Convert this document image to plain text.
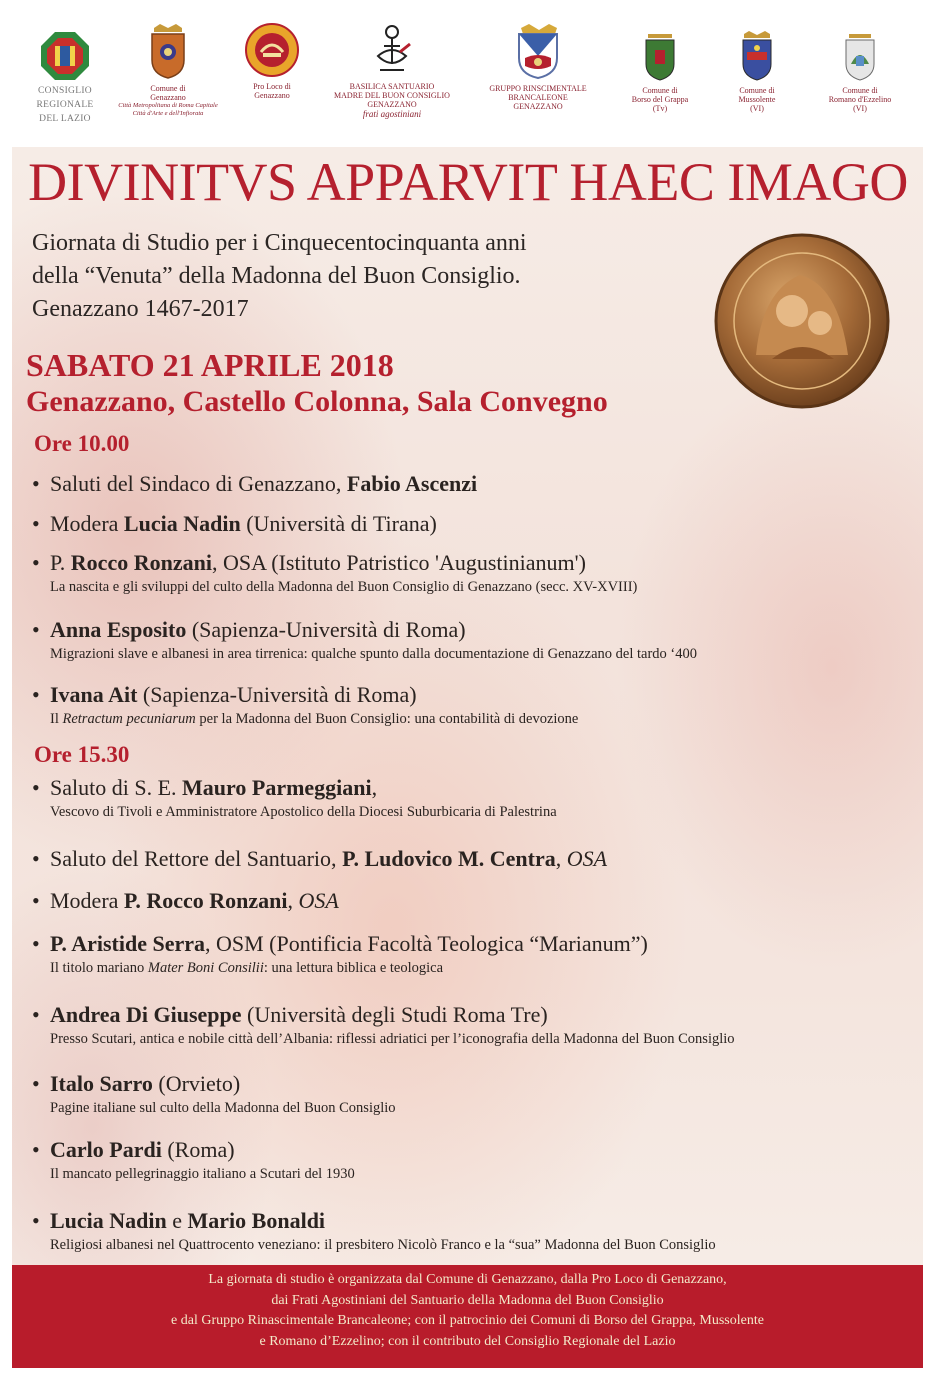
CONSIGLIO
REGIONALE
DEL LAZIO
Comune di
Genazzano
Città Metropolitana di Roma Capitale
Città d'Arte e dell'Infiorata
Pro Loco di
Genazzano
BASILICA SANTUARIO
MADRE DEL BUON CONSIGLIO
GENAZZANO
frati agostiniani
GRUPPO RINSCIMENTALE
BRANCALEONE
GENAZZANO
Comune di
Borso del Grappa
(Tv)
Comune di
Mussolente
(VI)
Comune di
Romano d'Ezzelino
(VI)
DIVINITVS APPARVIT HAEC IMAGO
Giornata di Studio per i Cinquecentocinquanta anni
della “Venuta” della Madonna del Buon Consiglio.
Genazzano 1467-2017
SABATO 21 APRILE 2018
Genazzano, Castello Colonna, Sala Convegno
Ore 10.00
• Saluti del Sindaco di Genazzano, Fabio Ascenzi
• Modera Lucia Nadin (Università di Tirana)
• P. Rocco Ronzani, OSA (Istituto Patristico 'Augustinianum')
La nascita e gli sviluppi del culto della Madonna del Buon Consiglio di Genazzano (secc. XV-XVIII)
• Anna Esposito (Sapienza-Università di Roma)
Migrazioni slave e albanesi in area tirrenica: qualche spunto dalla documentazione di Genazzano del tardo ‘400
• Ivana Ait (Sapienza-Università di Roma)
Il Retractum pecuniarum per la Madonna del Buon Consiglio: una contabilità di devozione
Ore 15.30
• Saluto di S. E. Mauro Parmeggiani,
Vescovo di Tivoli e Amministratore Apostolico della Diocesi Suburbicaria di Palestrina
• Saluto del Rettore del Santuario, P. Ludovico M. Centra, OSA
• Modera P. Rocco Ronzani, OSA
• P. Aristide Serra, OSM (Pontificia Facoltà Teologica “Marianum”)
Il titolo mariano Mater Boni Consilii: una lettura biblica e teologica
• Andrea Di Giuseppe (Università degli Studi Roma Tre)
Presso Scutari, antica e nobile città dell’Albania: riflessi adriatici per l’iconografia della Madonna del Buon Consiglio
• Italo Sarro (Orvieto)
Pagine italiane sul culto della Madonna del Buon Consiglio
• Carlo Pardi (Roma)
Il mancato pellegrinaggio italiano a Scutari del 1930
• Lucia Nadin e Mario Bonaldi
Religiosi albanesi nel Quattrocento veneziano: il presbitero Nicolò Franco e la “sua” Madonna del Buon Consiglio
La giornata di studio è organizzata dal Comune di Genazzano, dalla Pro Loco di Genazzano,
dai Frati Agostiniani del Santuario della Madonna del Buon Consiglio
e dal Gruppo Rinascimentale Brancaleone; con il patrocinio dei Comuni di Borso del Grappa, Mussolente
e Romano d’Ezzelino; con il contributo del Consiglio Regionale del Lazio
